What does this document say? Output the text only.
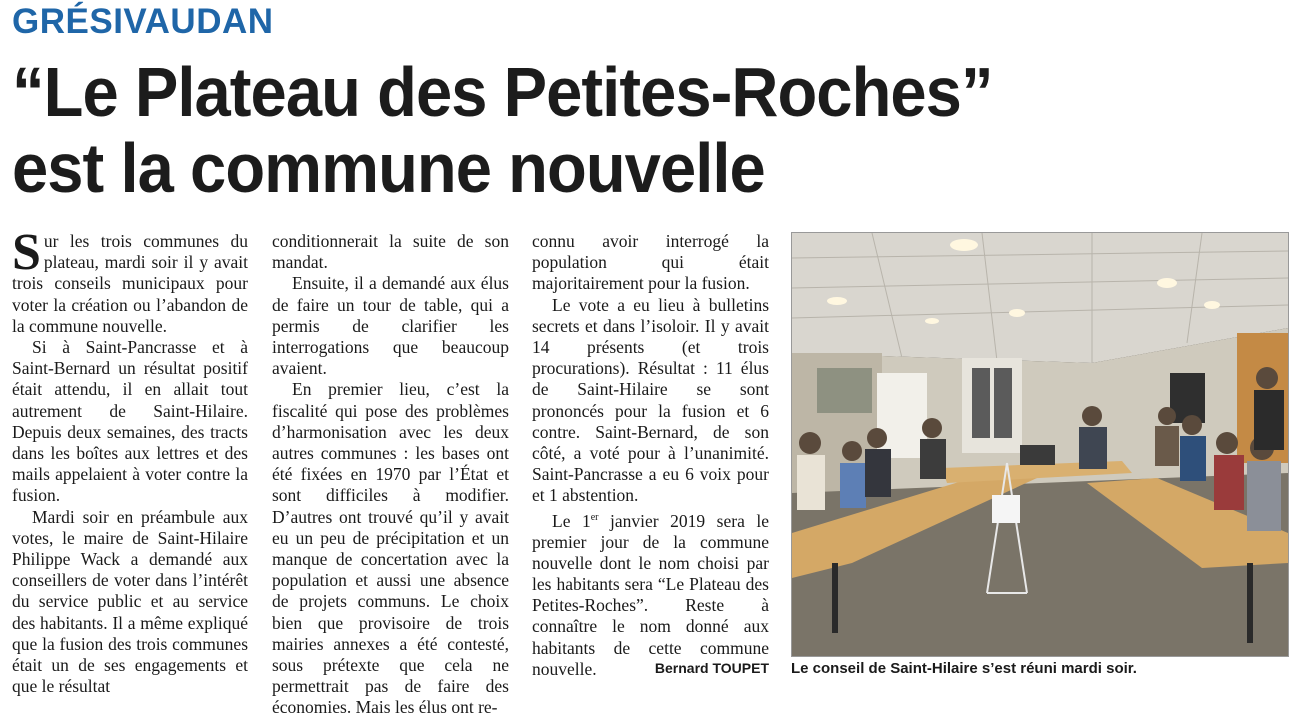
GRÉSIVAUDAN
“Le Plateau des Petites-Roches”
est la commune nouvelle

Sur les trois communes du plateau, mardi soir il y avait trois conseils municipaux pour voter la création ou l’abandon de la commune nouvelle.

Si à Saint-Pancrasse et à Saint-Bernard un résultat positif était attendu, il en allait tout autrement de Saint-Hilaire. Depuis deux semaines, des tracts dans les boîtes aux lettres et des mails appelaient à voter contre la fusion.

Mardi soir en préambule aux votes, le maire de Saint-Hilaire Philippe Wack a demandé aux conseillers de voter dans l’intérêt du service public et au service des habitants. Il a même expliqué que la fusion des trois communes était un de ses engagements et que le résultat

conditionnerait la suite de son mandat.

Ensuite, il a demandé aux élus de faire un tour de table, qui a permis de clarifier les interrogations que beaucoup avaient.

En premier lieu, c’est la fiscalité qui pose des problèmes d’harmonisation avec les deux autres communes : les bases ont été fixées en 1970 par l’État et sont difficiles à modifier. D’autres ont trouvé qu’il y avait eu un peu de précipitation et un manque de concertation avec la population et aussi une absence de projets communs. Le choix bien que provisoire de trois mairies annexes a été contesté, sous prétexte que cela ne permettrait pas de faire des économies. Mais les élus ont re-

connu avoir interrogé la population qui était majoritairement pour la fusion.

Le vote a eu lieu à bulletins secrets et dans l’isoloir. Il y avait 14 présents (et trois procurations). Résultat : 11 élus de Saint-Hilaire se sont prononcés pour la fusion et 6 contre. Saint-Bernard, de son côté, a voté pour à l’unanimité. Saint-Pancrasse a eu 6 voix pour et 1 abstention.

Le 1er janvier 2019 sera le premier jour de la commune nouvelle dont le nom choisi par les habitants sera “Le Plateau des Petites-Roches”. Reste à connaître le nom donné aux habitants de cette commune nouvelle.	Bernard TOUPET Le conseil de Saint-Hilaire s’est réuni mardi soir.
